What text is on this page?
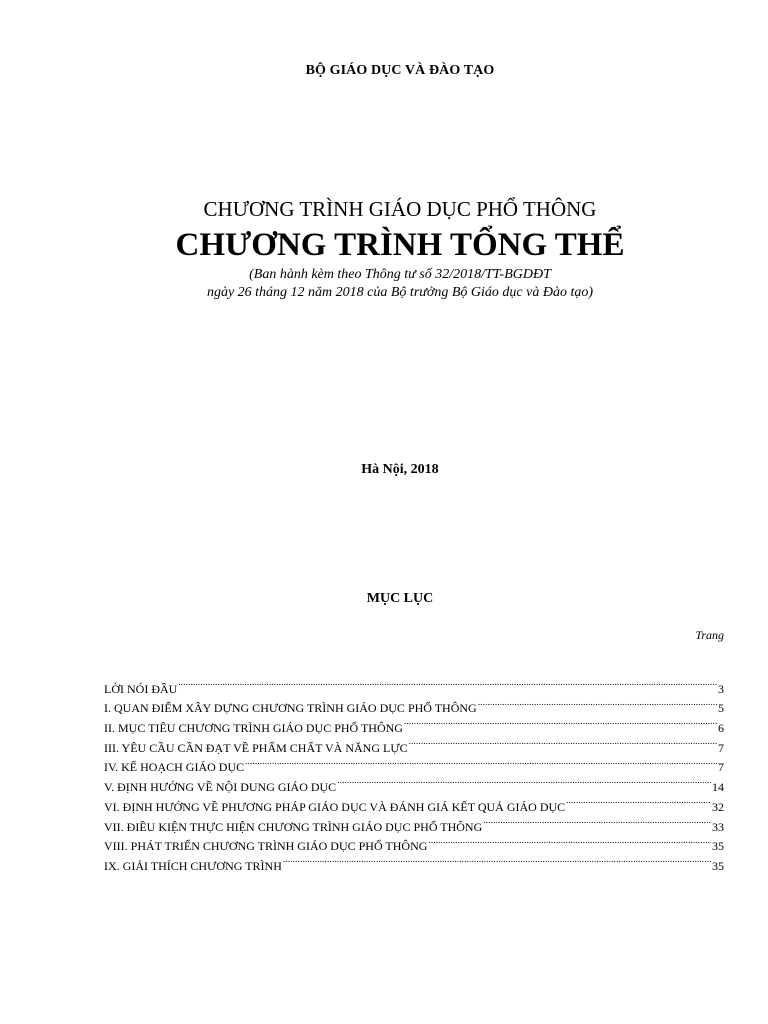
BỘ GIÁO DỤC VÀ ĐÀO TẠO
CHƯƠNG TRÌNH GIÁO DỤC PHỔ THÔNG
CHƯƠNG TRÌNH TỔNG THỂ
(Ban hành kèm theo Thông tư số 32/2018/TT-BGDĐT
ngày 26 tháng 12 năm 2018 của Bộ trưởng Bộ Giáo dục và Đào tạo)
Hà Nội, 2018
MỤC LỤC
Trang
LỜI NÓI ĐẦU .....	3
I. QUAN ĐIỂM XÂY DỰNG CHƯƠNG TRÌNH GIÁO DỤC PHỔ THÔNG .....	5
II. MỤC TIÊU CHƯƠNG TRÌNH GIÁO DỤC PHỔ THÔNG .....	6
III. YÊU CẦU CẦN ĐẠT VỀ PHẨM CHẤT VÀ NĂNG LỰC .....	7
IV. KẾ HOẠCH GIÁO DỤC .....	7
V. ĐỊNH HƯỚNG VỀ NỘI DUNG GIÁO DỤC .....	14
VI. ĐỊNH HƯỚNG VỀ PHƯƠNG PHÁP GIÁO DỤC VÀ ĐÁNH GIÁ KẾT QUẢ GIÁO DỤC .....	32
VII. ĐIỀU KIỆN THỰC HIỆN CHƯƠNG TRÌNH GIÁO DỤC PHỔ THÔNG .....	33
VIII. PHÁT TRIỂN CHƯƠNG TRÌNH GIÁO DỤC PHỔ THÔNG .....	35
IX. GIẢI THÍCH CHƯƠNG TRÌNH .....	35
